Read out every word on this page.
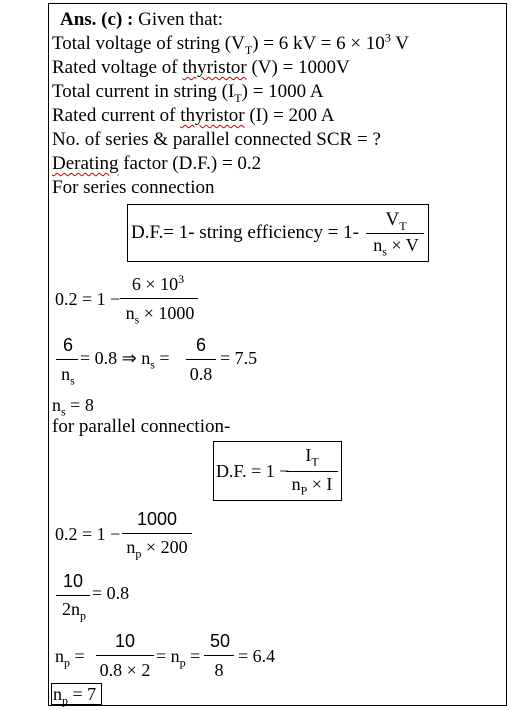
Ans. (c) : Given that:
Total voltage of string $(V_T) = 6$ kV = $6 \times 10^3$ V
Rated voltage of thyristor (V) = 1000V
Total current in string $(I_T) = 1000$ A
Rated current of thyristor (I) = 200 A
No. of series & parallel connected SCR = ?
Derating factor (D.F.) = 0.2
For series connection
D.F.= 1- string efficiency = 1-
$V_T$
$n_s \times V$
0.2 = 1 −
$6 \times 10^3$
$n_s \times 1000$
6
$n_s$
= 0.8 ⇒ $n_s$ =
6
0.8
= 7.5
$n_s = 8$
for parallel connection-
D.F. = 1 −
$I_T$
$n_P \times I$
0.2 = 1 −
1000
$n_p \times 200$
10
$2n_p$
= 0.8
$n_p$ =
10
0.8 × 2
= $n_p$ =
50
8
= 6.4
$n_p = 7$
